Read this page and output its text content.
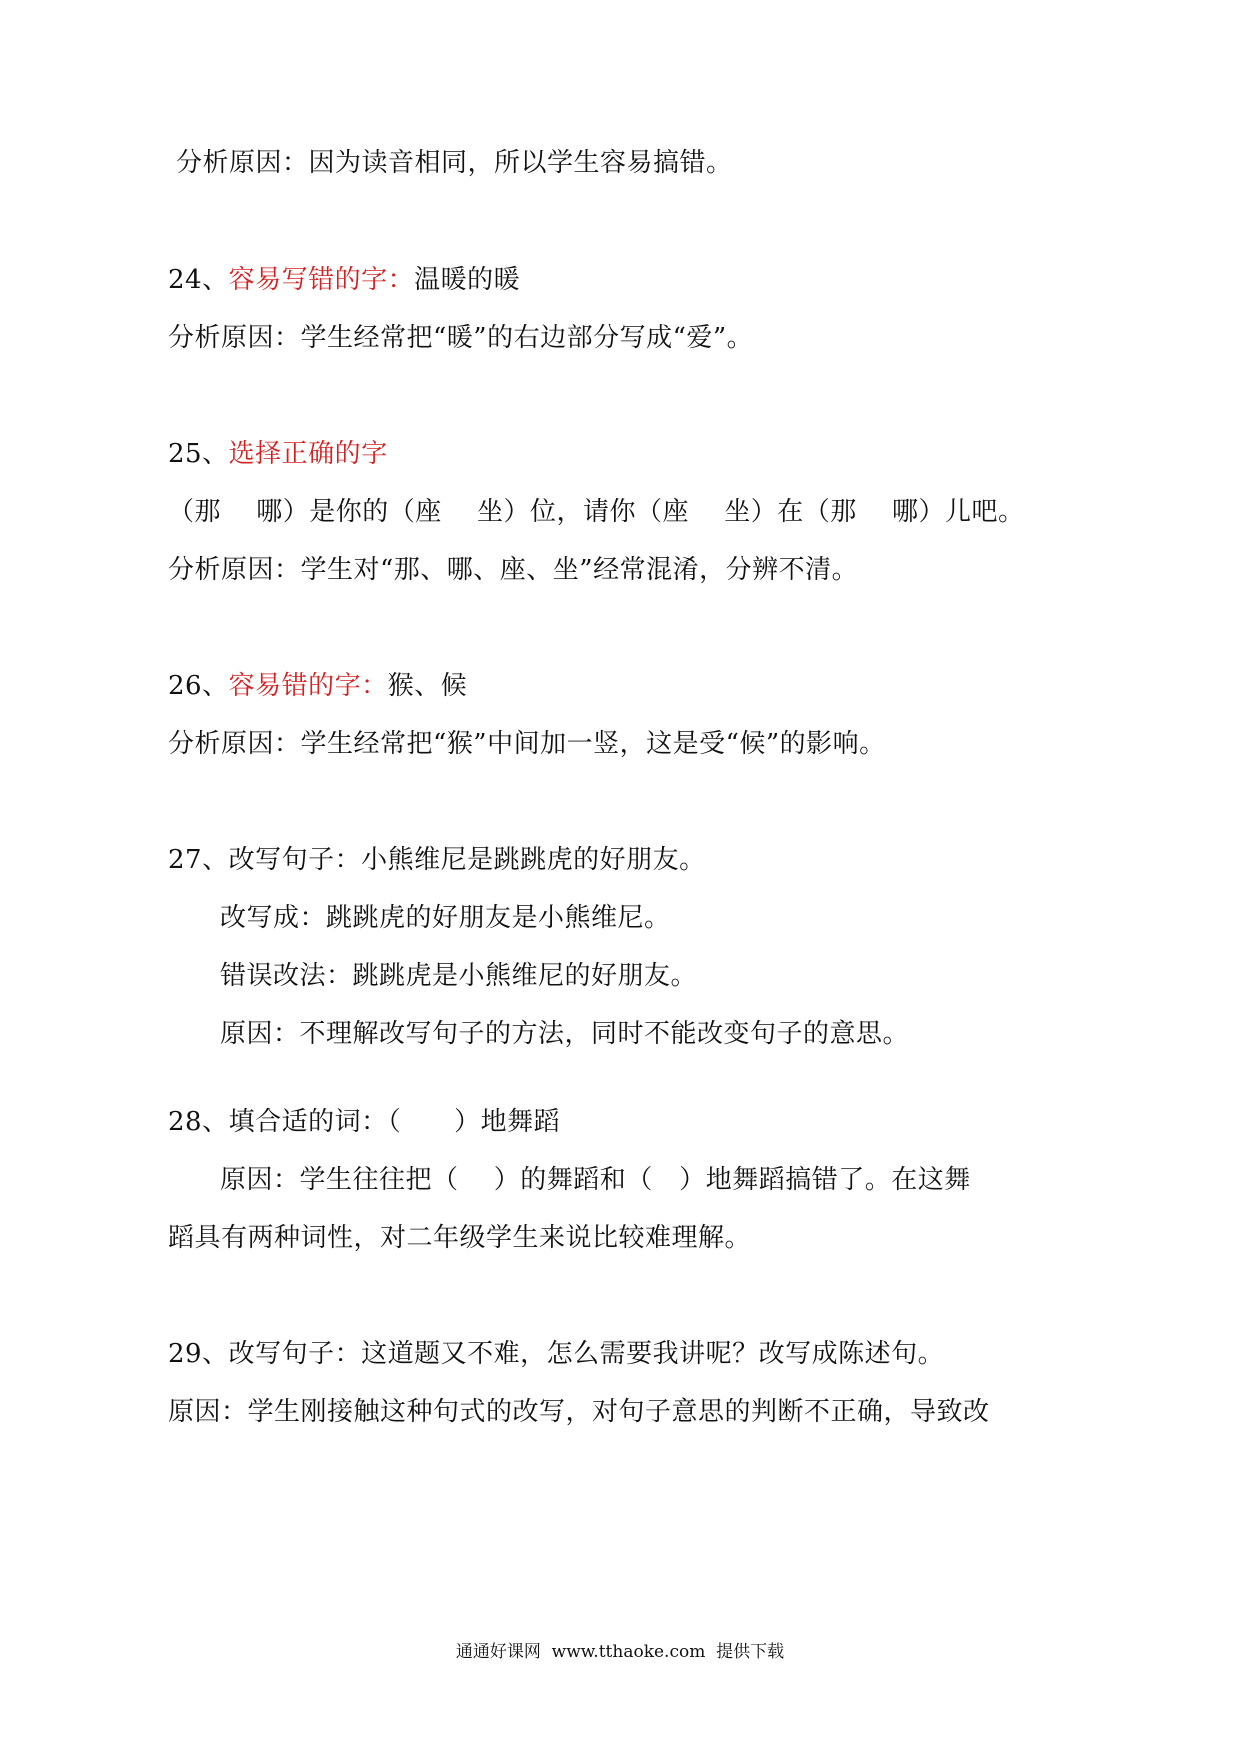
分析原因：因为读音相同，所以学生容易搞错。
24、容易写错的字：温暖的暖
分析原因：学生经常把“暖”的右边部分写成“爱”。
25、选择正确的字
（那　 哪）是你的（座　 坐）位，请你（座　 坐）在（那　 哪）儿吧。
分析原因：学生对“那、哪、座、坐”经常混淆，分辨不清。
26、容易错的字：猴、候
分析原因：学生经常把“猴”中间加一竖，这是受“候”的影响。
27、改写句子：小熊维尼是跳跳虎的好朋友。
改写成：跳跳虎的好朋友是小熊维尼。
错误改法：跳跳虎是小熊维尼的好朋友。
原因：不理解改写句子的方法，同时不能改变句子的意思。
28、填合适的词：（　　）地舞蹈
原因：学生往往把（　 ）的舞蹈和（　）地舞蹈搞错了。在这舞
蹈具有两种词性，对二年级学生来说比较难理解。
29、改写句子：这道题又不难，怎么需要我讲呢？改写成陈述句。
原因：学生刚接触这种句式的改写，对句子意思的判断不正确，导致改
通通好课网  www.tthaoke.com  提供下载
